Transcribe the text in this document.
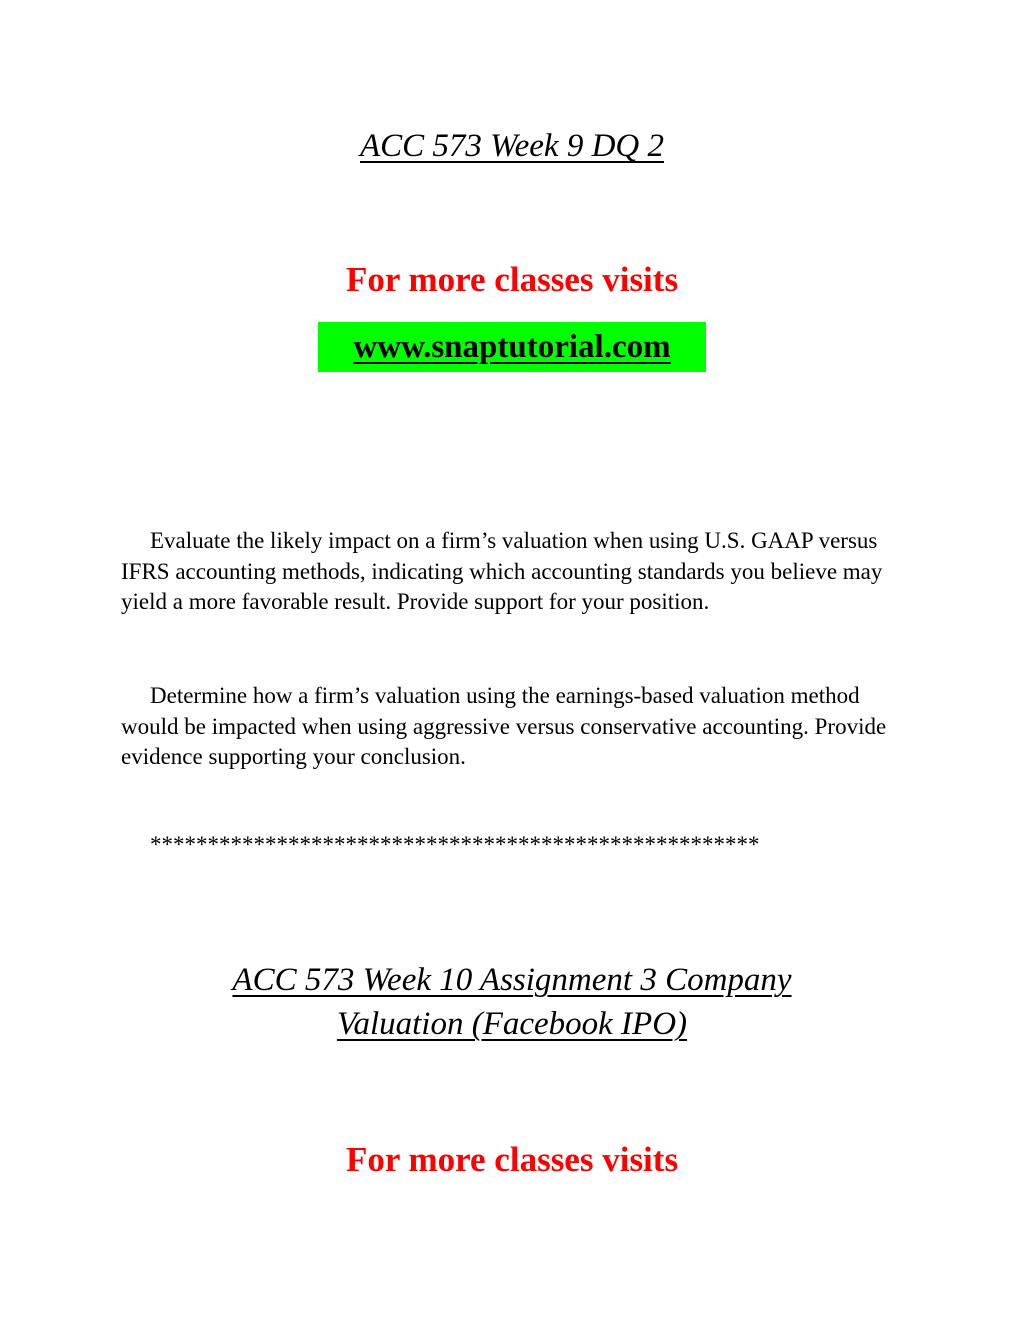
ACC 573 Week 9 DQ 2
For more classes visits
www.snaptutorial.com
Evaluate the likely impact on a firm’s valuation when using U.S. GAAP versus IFRS accounting methods, indicating which accounting standards you believe may yield a more favorable result. Provide support for your position.
Determine how a firm’s valuation using the earnings-based valuation method would be impacted when using aggressive versus conservative accounting. Provide evidence supporting your conclusion.
*****************************************************
ACC 573 Week 10 Assignment 3 Company
Valuation (Facebook IPO)
For more classes visits
